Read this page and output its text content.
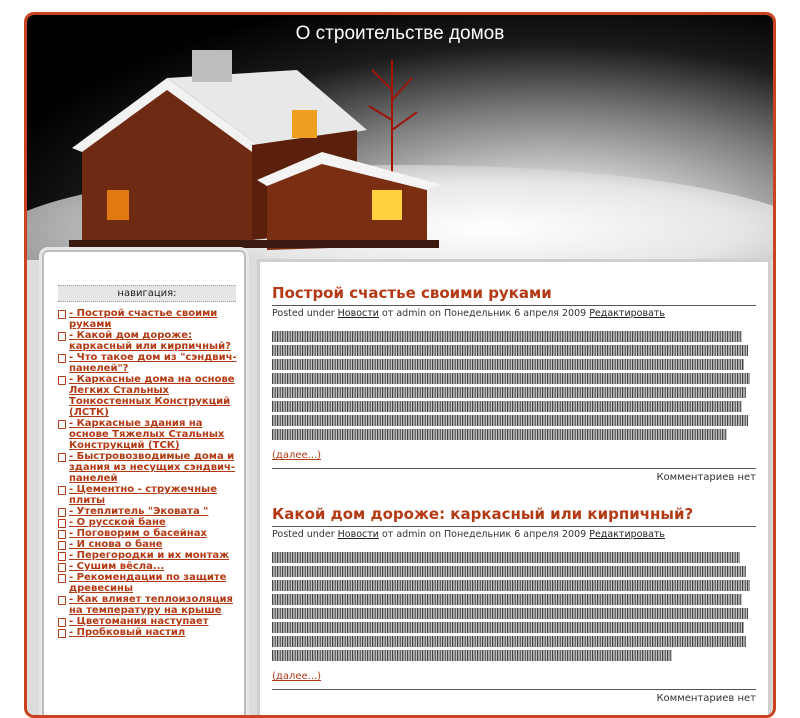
О строительстве домов
навигация:
- Построй счастье своими руками
- Какой дом дороже: каркасный или кирпичный?
- Что такое дом из "сэндвич-панелей"?
- Каркасные дома на основе Легких Стальных Тонкостенных Конструкций (ЛСТК)
- Каркасные здания на основе Тяжелых Стальных Конструкций (ТСК)
- Быстровозводимые дома и здания из несущих сэндвич-панелей
- Цементно - стружечные плиты
- Утеплитель "Эковата "
- О русской бане
- Поговорим о басейнах
- И снова о бане
- Перегородки и их монтаж
- Сушим вёсла...
- Рекомендации по защите древесины
- Как влияет теплоизоляция на температуру на крыше
- Цветомания наступает
- Пробковый настил
Построй счастье своими руками
Posted under Новости от admin on Понедельник 6 апреля 2009 Редактировать
(далее...)
Комментариев нет
Какой дом дороже: каркасный или кирпичный?
Posted under Новости от admin on Понедельник 6 апреля 2009 Редактировать
(далее...)
Комментариев нет
